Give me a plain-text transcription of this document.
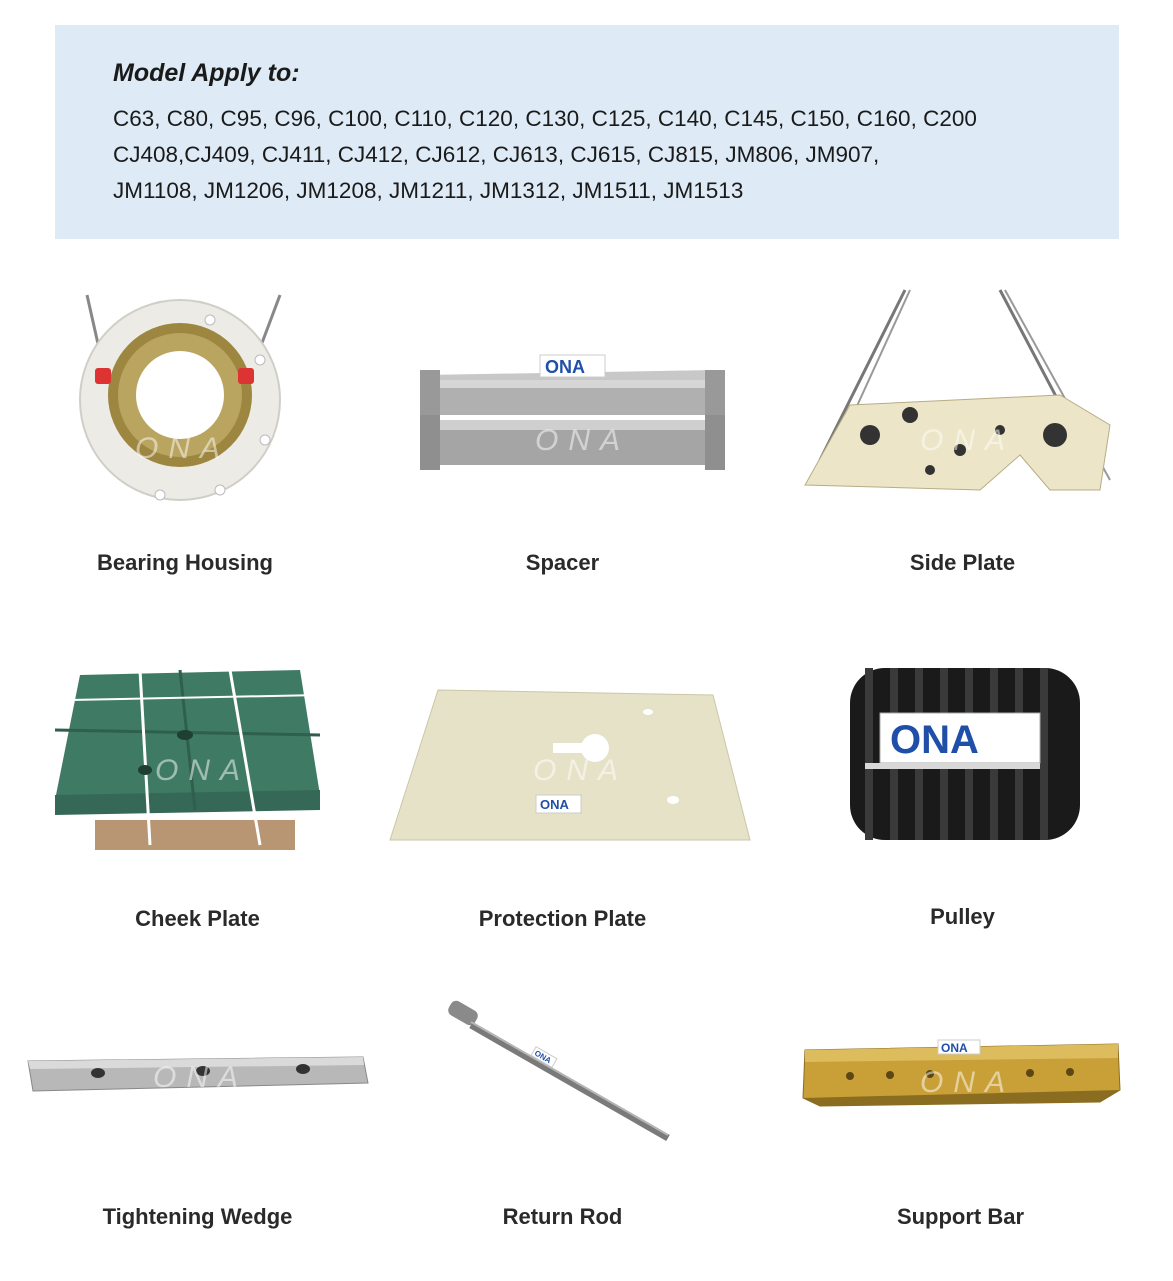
Model Apply to:
C63, C80, C95, C96, C100, C110, C120, C130, C125, C140, C145, C150, C160, C200
CJ408,CJ409, CJ411, CJ412, CJ612, CJ613, CJ615, CJ815, JM806, JM907,
JM1108, JM1206, JM1208, JM1211, JM1312, JM1511, JM1513
ONA
Bearing Housing
ONA
ONA
Spacer
ONA
Side Plate
ONA
Cheek Plate
ONA
ONA
Protection Plate
ONA
Pulley
ONA
Tightening Wedge
ONA
Return Rod
ONA
ONA
Support Bar
